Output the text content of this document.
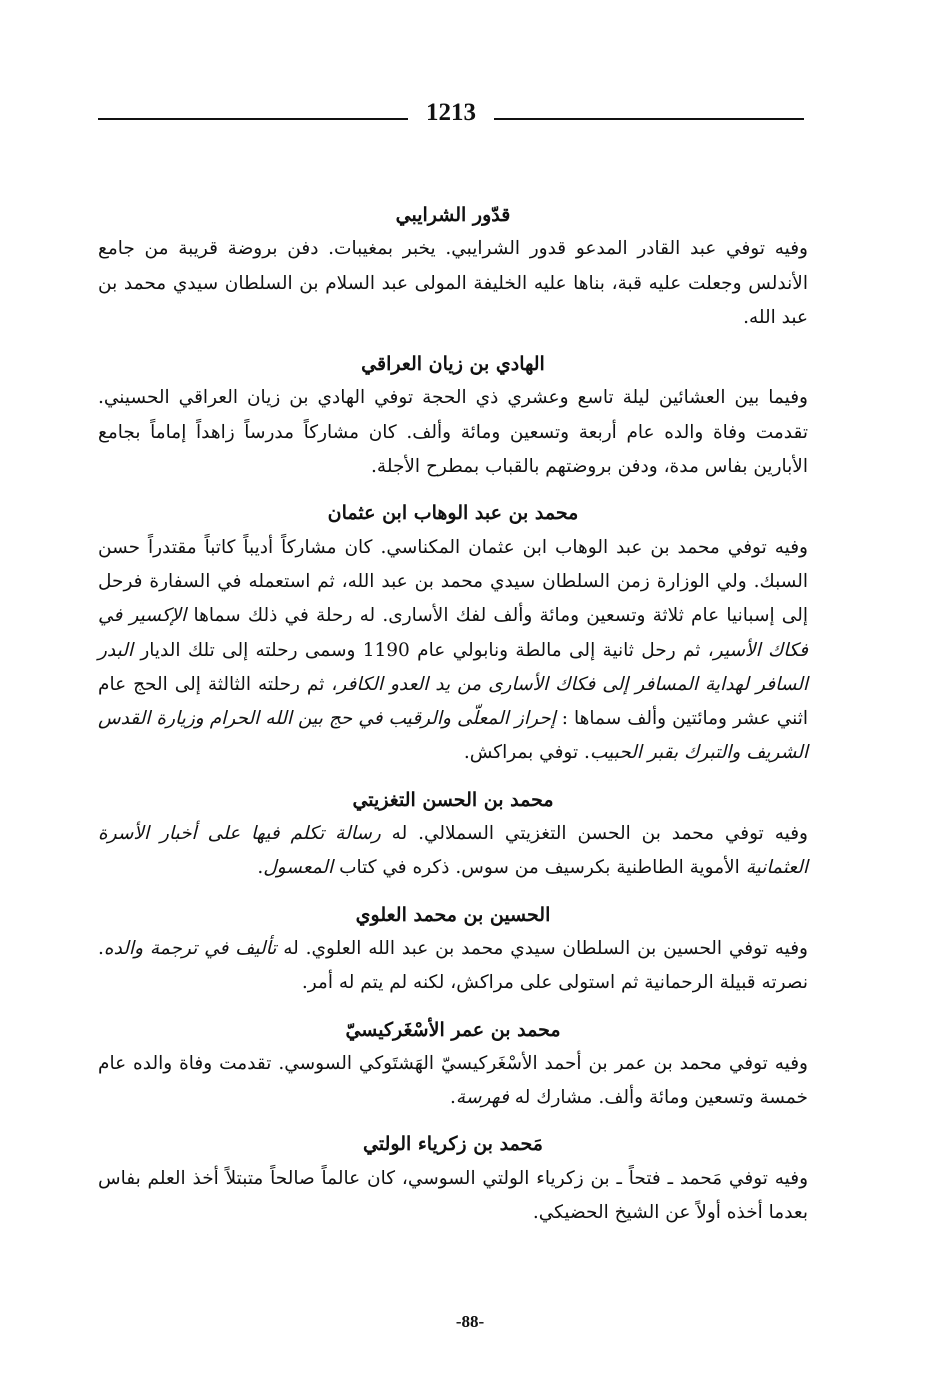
1213
قدّور الشرايبي
وفيه توفي عبد القادر المدعو قدور الشرايبي. يخبر بمغيبات. دفن بروضة قريبة من جامع الأندلس وجعلت عليه قبة، بناها عليه الخليفة المولى عبد السلام بن السلطان سيدي محمد بن عبد الله.
الهادي بن زيان العراقي
وفيما بين العشائين ليلة تاسع وعشري ذي الحجة توفي الهادي بن زيان العراقي الحسيني. تقدمت وفاة والده عام أربعة وتسعين ومائة وألف. كان مشاركاً مدرساً زاهداً إماماً بجامع الأبارين بفاس مدة، ودفن بروضتهم بالقباب بمطرح الأجلة.
محمد بن عبد الوهاب ابن عثمان
وفيه توفي محمد بن عبد الوهاب ابن عثمان المكناسي. كان مشاركاً أديباً كاتباً مقتدراً حسن السبك. ولي الوزارة زمن السلطان سيدي محمد بن عبد الله، ثم استعمله في السفارة فرحل إلى إسبانيا عام ثلاثة وتسعين ومائة وألف لفك الأسارى. له رحلة في ذلك سماها الإكسير في فكاك الأسير، ثم رحل ثانية إلى مالطة ونابولي عام 1190 وسمى رحلته إلى تلك الديار البدر السافر لهداية المسافر إلى فكاك الأسارى من يد العدو الكافر، ثم رحلته الثالثة إلى الحج عام اثني عشر ومائتين وألف سماها : إحراز المعلّى والرقيب في حج بين الله الحرام وزيارة القدس الشريف والتبرك بقبر الحبيب. توفي بمراكش.
محمد بن الحسن التغزيتي
وفيه توفي محمد بن الحسن التغزيتي السملالي. له رسالة تكلم فيها على أخبار الأسرة العثمانية الأموية الطاطنية بكرسيف من سوس. ذكره في كتاب المعسول.
الحسين بن محمد العلوي
وفيه توفي الحسين بن السلطان سيدي محمد بن عبد الله العلوي. له تأليف في ترجمة والده. نصرته قبيلة الرحمانية ثم استولى على مراكش، لكنه لم يتم له أمر.
محمد بن عمر الأسْغَركيسيّ
وفيه توفي محمد بن عمر بن أحمد الأسْغَركيسيّ الهَشتَوكي السوسي. تقدمت وفاة والده عام خمسة وتسعين ومائة وألف. مشارك له فهرسة.
مَحمد بن زكرياء الولتي
وفيه توفي مَحمد ـ فتحاً ـ بن زكرياء الولتي السوسي، كان عالماً صالحاً متبتلاً أخذ العلم بفاس بعدما أخذه أولاً عن الشيخ الحضيكي.
-88-
